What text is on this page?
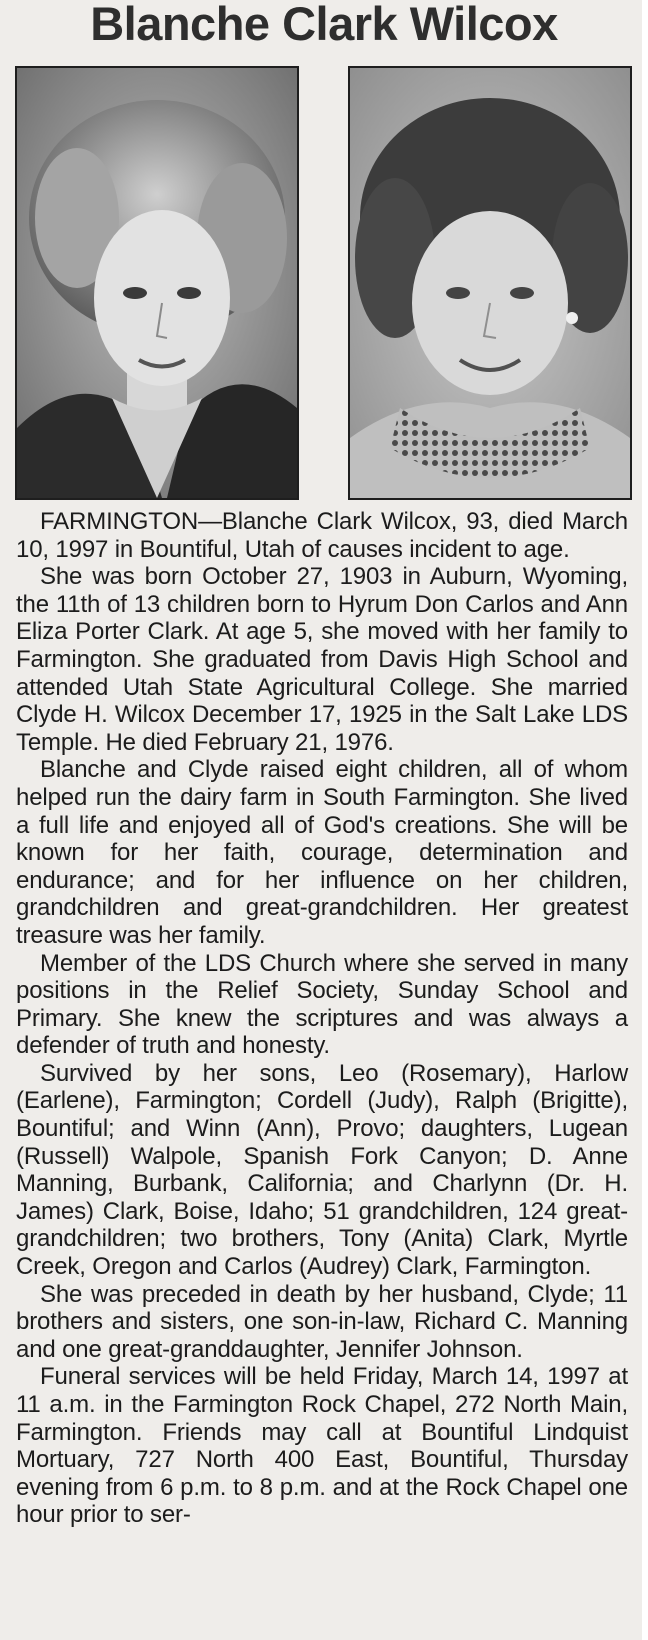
Blanche Clark Wilcox

FARMINGTON—Blanche Clark Wilcox, 93, died March 10, 1997 in Bountiful, Utah of causes incident to age.

She was born October 27, 1903 in Auburn, Wyoming, the 11th of 13 children born to Hyrum Don Carlos and Ann Eliza Porter Clark. At age 5, she moved with her family to Farmington. She graduated from Davis High School and attended Utah State Agricultural College. She married Clyde H. Wilcox December 17, 1925 in the Salt Lake LDS Temple. He died February 21, 1976.

Blanche and Clyde raised eight children, all of whom helped run the dairy farm in South Farmington. She lived a full life and enjoyed all of God's creations. She will be known for her faith, courage, determination and endurance; and for her influence on her children, grandchildren and great-grandchildren. Her greatest treasure was her family.

Member of the LDS Church where she served in many positions in the Relief Society, Sunday School and Primary. She knew the scriptures and was always a defender of truth and honesty.

Survived by her sons, Leo (Rosemary), Harlow (Earlene), Farmington; Cordell (Judy), Ralph (Brigitte), Bountiful; and Winn (Ann), Provo; daughters, Lugean (Russell) Walpole, Spanish Fork Canyon; D. Anne Manning, Burbank, California; and Charlynn (Dr. H. James) Clark, Boise, Idaho; 51 grandchildren, 124 great-grandchildren; two brothers, Tony (Anita) Clark, Myrtle Creek, Oregon and Carlos (Audrey) Clark, Farmington.

She was preceded in death by her husband, Clyde; 11 brothers and sisters, one son-in-law, Richard C. Manning and one great-granddaughter, Jennifer Johnson.

Funeral services will be held Friday, March 14, 1997 at 11 a.m. in the Farmington Rock Chapel, 272 North Main, Farmington. Friends may call at Bountiful Lindquist Mortuary, 727 North 400 East, Bountiful, Thursday evening from 6 p.m. to 8 p.m. and at the Rock Chapel one hour prior to ser-
